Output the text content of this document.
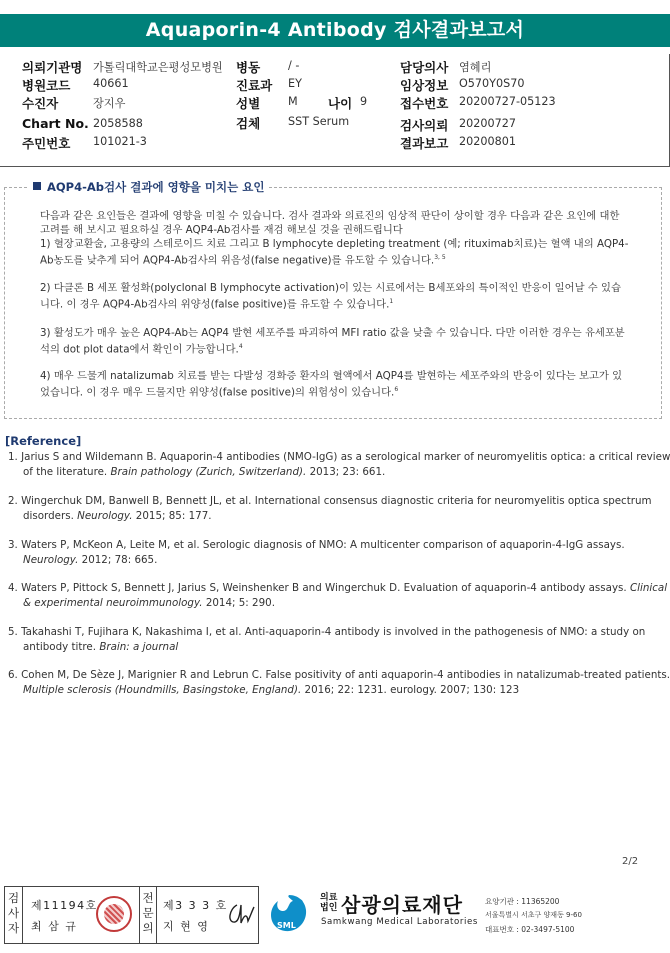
Aquaporin-4 Antibody 검사결과보고서
의뢰기관명 가톨릭대학교은평성모병원 병동 / -	담당의사 염혜리
병원코드 40661	진료과 EY	임상정보 O570Y0S70
수진자	장지우	성별 M 나이 9	접수번호 20200727-05123
Chart No. 2058588	검체 SST Serum	검사의뢰 20200727
주민번호 101021-3	결과보고 20200801
AQP4-Ab검사 결과에 영향을 미치는 요인
다음과 같은 요인들은 결과에 영향을 미칠 수 있습니다. 검사 결과와 의료진의 임상적 판단이 상이할 경우 다음과 같은 요인에 대한 고려를 해 보시고 필요하실 경우 AQP4-Ab검사를 재검 해보실 것을 권해드립니다
1) 혈장교환술, 고용량의 스테로이드 치료 그리고 B lymphocyte depleting treatment (예; rituximab치료)는 혈액 내의 AQP4-Ab농도를 낮추게 되어 AQP4-Ab검사의 위음성(false negative)를 유도할 수 있습니다.$^{3, 5}$
2) 다클론 B 세포 활성화(polyclonal B lymphocyte activation)이 있는 시료에서는 B세포와의 특이적인 반응이 일어날 수 있습니다. 이 경우 AQP4-Ab검사의 위양성(false positive)를 유도할 수 있습니다.$^1$
3) 활성도가 매우 높은 AQP4-Ab는 AQP4 발현 세포주를 파괴하여 MFI ratio 값을 낮출 수 있습니다. 다만 이러한 경우는 유세포분석의 dot plot data에서 확인이 가능합니다.$^4$
4) 매우 드물게 natalizumab 치료를 받는 다발성 경화증 환자의 혈액에서 AQP4를 발현하는 세포주와의 반응이 있다는 보고가 있었습니다. 이 경우 매우 드물지만 위양성(false positive)의 위험성이 있습니다.$^6$
[Reference]
1. Jarius S and Wildemann B. Aquaporin-4 antibodies (NMO-IgG) as a serological marker of neuromyelitis optica: a critical review of the literature. Brain pathology (Zurich, Switzerland). 2013; 23: 661.
2. Wingerchuk DM, Banwell B, Bennett JL, et al. International consensus diagnostic criteria for neuromyelitis optica spectrum disorders. Neurology. 2015; 85: 177.
3. Waters P, McKeon A, Leite M, et al. Serologic diagnosis of NMO: A multicenter comparison of aquaporin-4-IgG assays. Neurology. 2012; 78: 665.
4. Waters P, Pittock S, Bennett J, Jarius S, Weinshenker B and Wingerchuk D. Evaluation of aquaporin-4 antibody assays. Clinical & experimental neuroimmunology. 2014; 5: 290.
5. Takahashi T, Fujihara K, Nakashima I, et al. Anti-aquaporin-4 antibody is involved in the pathogenesis of NMO: a study on antibody titre. Brain: a journal
6. Cohen M, De Sèze J, Marignier R and Lebrun C. False positivity of anti aquaporin-4 antibodies in natalizumab-treated patients. Multiple sclerosis (Houndmills, Basingstoke, England). 2016; 22: 1231. eurology. 2007; 130: 123
2/2
검사자
제11194호
최 삼 규
전문의
제3 3 3 호
지 현 영	SML
의료법인 삼광의료재단
Samkwang Medical Laboratories
요양기관 : 11365200
서울특별시 서초구 양재동 9-60
대표번호 : 02-3497-5100
